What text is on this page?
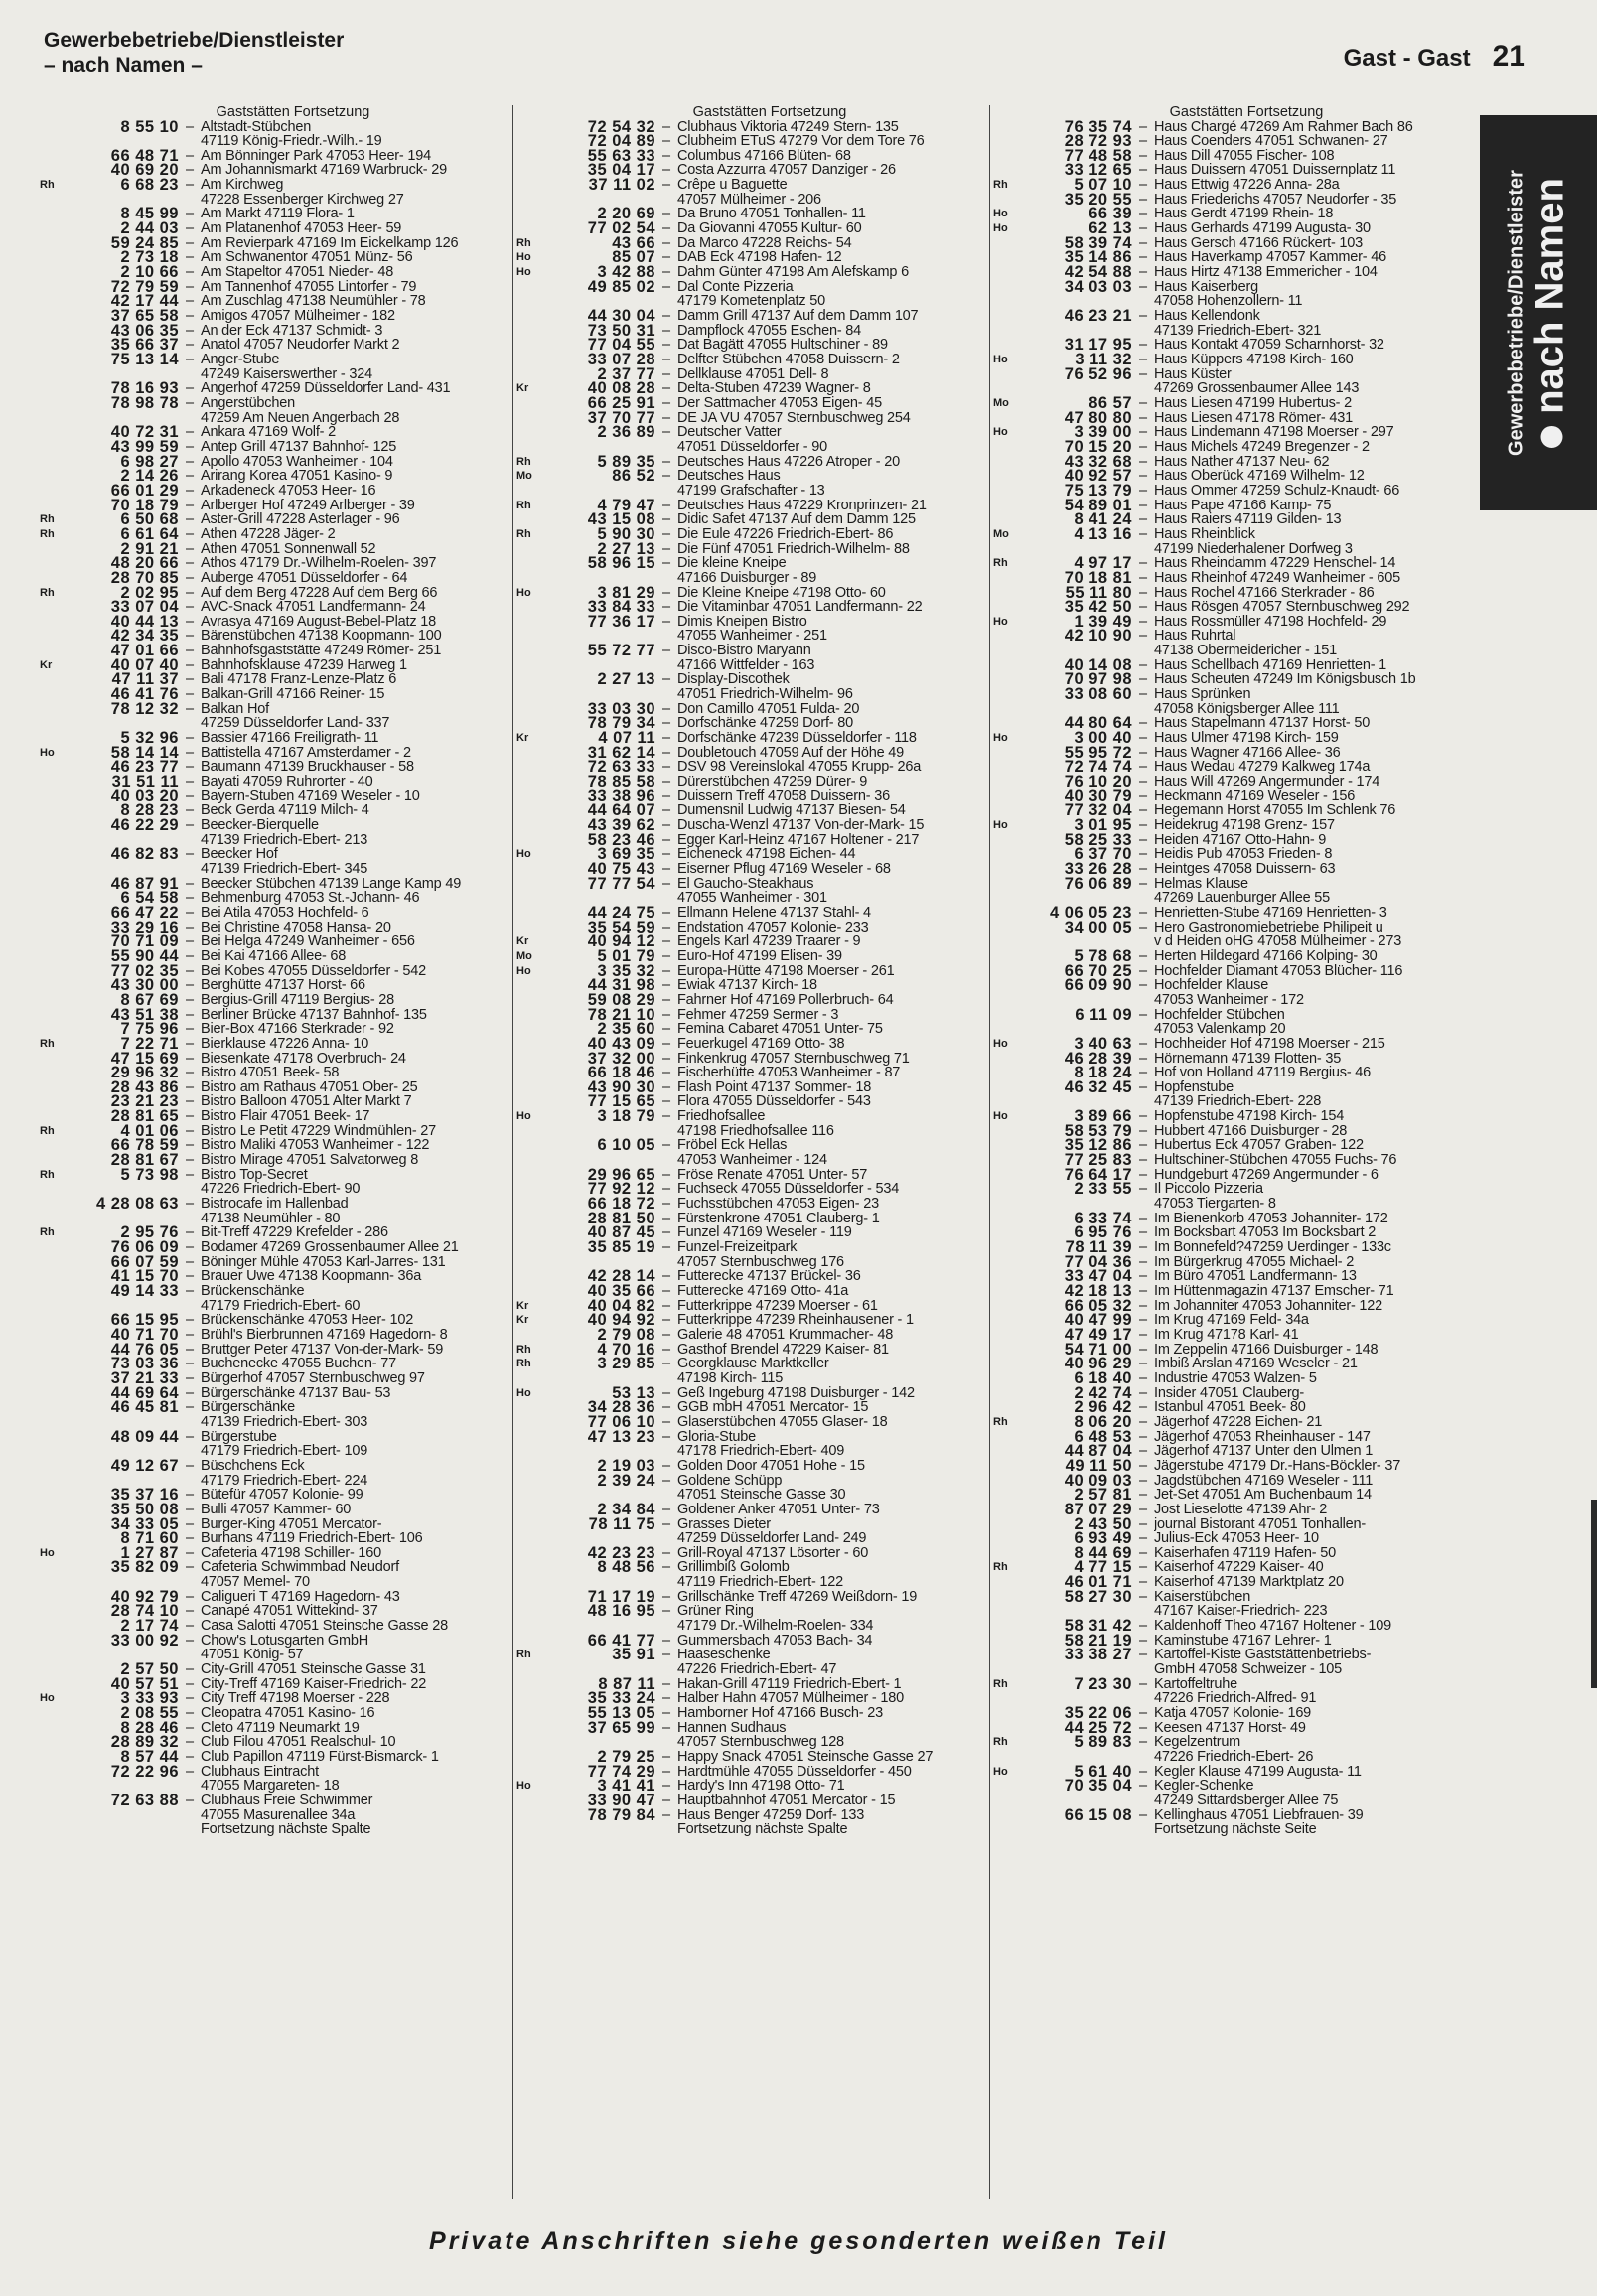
Gewerbebetriebe/Dienstleister
– nach Namen –	Gast - Gast 21
Gaststätten Fortsetzung
8 55 10 – Altstadt-Stübchen
47119 König-Friedr.-Wilh.- 19
66 48 71 – Am Bönninger Park 47053 Heer- 194
40 69 20 – Am Johannismarkt 47169 Warbruck- 29
Rh	6 68 23 – Am Kirchweg
47228 Essenberger Kirchweg 27
8 45 99 – Am Markt 47119 Flora- 1
2 44 03 – Am Platanenhof 47053 Heer- 59
59 24 85 – Am Revierpark 47169 Im Eickelkamp 126
2 73 18 – Am Schwanentor 47051 Münz- 56
2 10 66 – Am Stapeltor 47051 Nieder- 48
72 79 59 – Am Tannenhof 47055 Lintorfer - 79
42 17 44 – Am Zuschlag 47138 Neumühler - 78
37 65 58 – Amigos 47057 Mülheimer - 182
43 06 35 – An der Eck 47137 Schmidt- 3
35 66 37 – Anatol 47057 Neudorfer Markt 2
75 13 14 – Anger-Stube
47249 Kaiserswerther - 324
78 16 93 – Angerhof 47259 Düsseldorfer Land- 431
78 98 78 – Angerstübchen
47259 Am Neuen Angerbach 28
40 72 31 – Ankara 47169 Wolf- 2
43 99 59 – Antep Grill 47137 Bahnhof- 125
6 98 27 – Apollo 47053 Wanheimer - 104
2 14 26 – Arirang Korea 47051 Kasino- 9
66 01 29 – Arkadeneck 47053 Heer- 16
70 18 79 – Arlberger Hof 47249 Arlberger - 39
Rh	6 50 68 – Aster-Grill 47228 Asterlager - 96
Rh	6 61 64 – Athen 47228 Jäger- 2
2 91 21 – Athen 47051 Sonnenwall 52
48 20 66 – Athos 47179 Dr.-Wilhelm-Roelen- 397
28 70 85 – Auberge 47051 Düsseldorfer - 64
Rh	2 02 95 – Auf dem Berg 47228 Auf dem Berg 66
33 07 04 – AVC-Snack 47051 Landfermann- 24
40 44 13 – Avrasya 47169 August-Bebel-Platz 18
42 34 35 – Bärenstübchen 47138 Koopmann- 100
47 01 66 – Bahnhofsgaststätte 47249 Römer- 251
Kr	40 07 40 – Bahnhofsklause 47239 Harweg 1
47 11 37 – Bali 47178 Franz-Lenze-Platz 6
46 41 76 – Balkan-Grill 47166 Reiner- 15
78 12 32 – Balkan Hof
47259 Düsseldorfer Land- 337
5 32 96 – Bassier 47166 Freiligrath- 11
Ho	58 14 14 – Battistella 47167 Amsterdamer - 2
46 23 77 – Baumann 47139 Bruckhauser - 58
31 51 11 – Bayati 47059 Ruhrorter - 40
40 03 20 – Bayern-Stuben 47169 Weseler - 10
8 28 23 – Beck Gerda 47119 Milch- 4
46 22 29 – Beecker-Bierquelle
47139 Friedrich-Ebert- 213
46 82 83 – Beecker Hof
47139 Friedrich-Ebert- 345
46 87 91 – Beecker Stübchen 47139 Lange Kamp 49
6 54 58 – Behmenburg 47053 St.-Johann- 46
66 47 22 – Bei Atila 47053 Hochfeld- 6
33 29 16 – Bei Christine 47058 Hansa- 20
70 71 09 – Bei Helga 47249 Wanheimer - 656
55 90 44 – Bei Kai 47166 Allee- 68
77 02 35 – Bei Kobes 47055 Düsseldorfer - 542
43 30 00 – Berghütte 47137 Horst- 66
8 67 69 – Bergius-Grill 47119 Bergius- 28
43 51 38 – Berliner Brücke 47137 Bahnhof- 135
7 75 96 – Bier-Box 47166 Sterkrader - 92
Rh	7 22 71 – Bierklause 47226 Anna- 10
47 15 69 – Biesenkate 47178 Overbruch- 24
29 96 32 – Bistro 47051 Beek- 58
28 43 86 – Bistro am Rathaus 47051 Ober- 25
23 21 23 – Bistro Balloon 47051 Alter Markt 7
28 81 65 – Bistro Flair 47051 Beek- 17
Rh	4 01 06 – Bistro Le Petit 47229 Windmühlen- 27
66 78 59 – Bistro Maliki 47053 Wanheimer - 122
28 81 67 – Bistro Mirage 47051 Salvatorweg 8
Rh	5 73 98 – Bistro Top-Secret
47226 Friedrich-Ebert- 90
4 28 08 63 – Bistrocafe im Hallenbad
47138 Neumühler - 80
Rh	2 95 76 – Bit-Treff 47229 Krefelder - 286
76 06 09 – Bodamer 47269 Grossenbaumer Allee 21
66 07 59 – Böninger Mühle 47053 Karl-Jarres- 131
41 15 70 – Brauer Uwe 47138 Koopmann- 36a
49 14 33 – Brückenschänke
47179 Friedrich-Ebert- 60
66 15 95 – Brückenschänke 47053 Heer- 102
40 71 70 – Brühl's Bierbrunnen 47169 Hagedorn- 8
44 76 05 – Bruttger Peter 47137 Von-der-Mark- 59
73 03 36 – Buchenecke 47055 Buchen- 77
37 21 33 – Bürgerhof 47057 Sternbuschweg 97
44 69 64 – Bürgerschänke 47137 Bau- 53
46 45 81 – Bürgerschänke
47139 Friedrich-Ebert- 303
48 09 44 – Bürgerstube
47179 Friedrich-Ebert- 109
49 12 67 – Büschchens Eck
47179 Friedrich-Ebert- 224
35 37 16 – Bütefür 47057 Kolonie- 99
35 50 08 – Bulli 47057 Kammer- 60
34 33 05 – Burger-King 47051 Mercator-
8 71 60 – Burhans 47119 Friedrich-Ebert- 106
Ho	1 27 87 – Cafeteria 47198 Schiller- 160
35 82 09 – Cafeteria Schwimmbad Neudorf
47057 Memel- 70
40 92 79 – Caligueri T 47169 Hagedorn- 43
28 74 10 – Canapé 47051 Wittekind- 37
2 17 74 – Casa Salotti 47051 Steinsche Gasse 28
33 00 92 – Chow's Lotusgarten GmbH
47051 König- 57
2 57 50 – City-Grill 47051 Steinsche Gasse 31
40 57 51 – City-Treff 47169 Kaiser-Friedrich- 22
Ho	3 33 93 – City Treff 47198 Moerser - 228
2 08 55 – Cleopatra 47051 Kasino- 16
8 28 46 – Cleto 47119 Neumarkt 19
28 89 32 – Club Filou 47051 Realschul- 10
8 57 44 – Club Papillon 47119 Fürst-Bismarck- 1
72 22 96 – Clubhaus Eintracht
47055 Margareten- 18
72 63 88 – Clubhaus Freie Schwimmer
47055 Masurenallee 34a
Fortsetzung nächste Spalte
Gaststätten Fortsetzung
72 54 32 – Clubhaus Viktoria 47249 Stern- 135
72 04 89 – Clubheim ETuS 47279 Vor dem Tore 76
55 63 33 – Columbus 47166 Blüten- 68
35 04 17 – Costa Azzurra 47057 Danziger - 26
37 11 02 – Crêpe u Baguette
47057 Mülheimer - 206
2 20 69 – Da Bruno 47051 Tonhallen- 11
77 02 54 – Da Giovanni 47055 Kultur- 60
Rh	43 66 – Da Marco 47228 Reichs- 54
Ho	85 07 – DAB Eck 47198 Hafen- 12
Ho	3 42 88 – Dahm Günter 47198 Am Alefskamp 6
49 85 02 – Dal Conte Pizzeria
47179 Kometenplatz 50
44 30 04 – Damm Grill 47137 Auf dem Damm 107
73 50 31 – Dampflock 47055 Eschen- 84
77 04 55 – Dat Bagätt 47055 Hultschiner - 89
33 07 28 – Delfter Stübchen 47058 Duissern- 2
2 37 77 – Dellklause 47051 Dell- 8
Kr	40 08 28 – Delta-Stuben 47239 Wagner- 8
66 25 91 – Der Sattmacher 47053 Eigen- 45
37 70 77 – DE JA VU 47057 Sternbuschweg 254
2 36 89 – Deutscher Vatter
47051 Düsseldorfer - 90
Rh	5 89 35 – Deutsches Haus 47226 Atroper - 20
Mo	86 52 – Deutsches Haus
47199 Grafschafter - 13
Rh	4 79 47 – Deutsches Haus 47229 Kronprinzen- 21
43 15 08 – Didic Safet 47137 Auf dem Damm 125
Rh	5 90 30 – Die Eule 47226 Friedrich-Ebert- 86
2 27 13 – Die Fünf 47051 Friedrich-Wilhelm- 88
58 96 15 – Die kleine Kneipe
47166 Duisburger - 89
Ho	3 81 29 – Die Kleine Kneipe 47198 Otto- 60
33 84 33 – Die Vitaminbar 47051 Landfermann- 22
77 36 17 – Dimis Kneipen Bistro
47055 Wanheimer - 251
55 72 77 – Disco-Bistro Maryann
47166 Wittfelder - 163
2 27 13 – Display-Discothek
47051 Friedrich-Wilhelm- 96
33 03 30 – Don Camillo 47051 Fulda- 20
78 79 34 – Dorfschänke 47259 Dorf- 80
Kr	4 07 11 – Dorfschänke 47239 Düsseldorfer - 118
31 62 14 – Doubletouch 47059 Auf der Höhe 49
72 63 33 – DSV 98 Vereinslokal 47055 Krupp- 26a
78 85 58 – Dürerstübchen 47259 Dürer- 9
33 38 96 – Duissern Treff 47058 Duissern- 36
44 64 07 – Dumensnil Ludwig 47137 Biesen- 54
43 39 62 – Duscha-Wenzl 47137 Von-der-Mark- 15
58 23 46 – Egger Karl-Heinz 47167 Holtener - 217
Ho	3 69 35 – Eicheneck 47198 Eichen- 44
40 75 43 – Eiserner Pflug 47169 Weseler - 68
77 77 54 – El Gaucho-Steakhaus
47055 Wanheimer - 301
44 24 75 – Ellmann Helene 47137 Stahl- 4
35 54 59 – Endstation 47057 Kolonie- 233
Kr	40 94 12 – Engels Karl 47239 Traarer - 9
Mo	5 01 79 – Euro-Hof 47199 Elisen- 39
Ho	3 35 32 – Europa-Hütte 47198 Moerser - 261
44 31 98 – Ewiak 47137 Kirch- 18
59 08 29 – Fahrner Hof 47169 Pollerbruch- 64
78 21 10 – Fehmer 47259 Sermer - 3
2 35 60 – Femina Cabaret 47051 Unter- 75
40 43 09 – Feuerkugel 47169 Otto- 38
37 32 00 – Finkenkrug 47057 Sternbuschweg 71
66 18 46 – Fischerhütte 47053 Wanheimer - 87
43 90 30 – Flash Point 47137 Sommer- 18
77 15 65 – Flora 47055 Düsseldorfer - 543
Ho	3 18 79 – Friedhofsallee
47198 Friedhofsallee 116
6 10 05 – Fröbel Eck Hellas
47053 Wanheimer - 124
29 96 65 – Fröse Renate 47051 Unter- 57
77 92 12 – Fuchseck 47055 Düsseldorfer - 534
66 18 72 – Fuchsstübchen 47053 Eigen- 23
28 81 50 – Fürstenkrone 47051 Clauberg- 1
40 87 45 – Funzel 47169 Weseler - 119
35 85 19 – Funzel-Freizeitpark
47057 Sternbuschweg 176
42 28 14 – Futterecke 47137 Brückel- 36
40 35 66 – Futterecke 47169 Otto- 41a
Kr	40 04 82 – Futterkrippe 47239 Moerser - 61
Kr	40 94 92 – Futterkrippe 47239 Rheinhausener - 1
2 79 08 – Galerie 48 47051 Krummacher- 48
Rh	4 70 16 – Gasthof Brendel 47229 Kaiser- 81
Rh	3 29 85 – Georgklause Marktkeller
47198 Kirch- 115
Ho	53 13 – Geß Ingeburg 47198 Duisburger - 142
34 28 36 – GGB mbH 47051 Mercator- 15
77 06 10 – Glaserstübchen 47055 Glaser- 18
47 13 23 – Gloria-Stube
47178 Friedrich-Ebert- 409
2 19 03 – Golden Door 47051 Hohe - 15
2 39 24 – Goldene Schüpp
47051 Steinsche Gasse 30
2 34 84 – Goldener Anker 47051 Unter- 73
78 11 75 – Grasses Dieter
47259 Düsseldorfer Land- 249
42 23 23 – Grill-Royal 47137 Lösorter - 60
8 48 56 – Grillimbiß Golomb
47119 Friedrich-Ebert- 122
71 17 19 – Grillschänke Treff 47269 Weißdorn- 19
48 16 95 – Grüner Ring
47179 Dr.-Wilhelm-Roelen- 334
66 41 77 – Gummersbach 47053 Bach- 34
Rh	35 91 – Haaseschenke
47226 Friedrich-Ebert- 47
8 87 11 – Hakan-Grill 47119 Friedrich-Ebert- 1
35 33 24 – Halber Hahn 47057 Mülheimer - 180
55 13 05 – Hamborner Hof 47166 Busch- 23
37 65 99 – Hannen Sudhaus
47057 Sternbuschweg 128
2 79 25 – Happy Snack 47051 Steinsche Gasse 27
77 74 29 – Hardtmühle 47055 Düsseldorfer - 450
Ho	3 41 41 – Hardy's Inn 47198 Otto- 71
33 90 47 – Hauptbahnhof 47051 Mercator - 15
78 79 84 – Haus Benger 47259 Dorf- 133
Fortsetzung nächste Spalte
Gaststätten Fortsetzung
76 35 74 – Haus Chargé 47269 Am Rahmer Bach 86
28 72 93 – Haus Coenders 47051 Schwanen- 27
77 48 58 – Haus Dill 47055 Fischer- 108
33 12 65 – Haus Duissern 47051 Duissernplatz 11
Rh	5 07 10 – Haus Ettwig 47226 Anna- 28a
35 20 55 – Haus Friederichs 47057 Neudorfer - 35
Ho	66 39 – Haus Gerdt 47199 Rhein- 18
Ho	62 13 – Haus Gerhards 47199 Augusta- 30
58 39 74 – Haus Gersch 47166 Rückert- 103
35 14 86 – Haus Haverkamp 47057 Kammer- 46
42 54 88 – Haus Hirtz 47138 Emmericher - 104
34 03 03 – Haus Kaiserberg
47058 Hohenzollern- 11
46 23 21 – Haus Kellendonk
47139 Friedrich-Ebert- 321
31 17 95 – Haus Kontakt 47059 Scharnhorst- 32
Ho	3 11 32 – Haus Küppers 47198 Kirch- 160
76 52 96 – Haus Küster
47269 Grossenbaumer Allee 143
Mo	86 57 – Haus Liesen 47199 Hubertus- 2
47 80 80 – Haus Liesen 47178 Römer- 431
Ho	3 39 00 – Haus Lindemann 47198 Moerser - 297
70 15 20 – Haus Michels 47249 Bregenzer - 2
43 32 68 – Haus Nather 47137 Neu- 62
40 92 57 – Haus Oberück 47169 Wilhelm- 12
75 13 79 – Haus Ommer 47259 Schulz-Knaudt- 66
54 89 01 – Haus Pape 47166 Kamp- 75
8 41 24 – Haus Raiers 47119 Gilden- 13
Mo	4 13 16 – Haus Rheinblick
47199 Niederhalener Dorfweg 3
Rh	4 97 17 – Haus Rheindamm 47229 Henschel- 14
70 18 81 – Haus Rheinhof 47249 Wanheimer - 605
55 11 80 – Haus Rochel 47166 Sterkrader - 86
35 42 50 – Haus Rösgen 47057 Sternbuschweg 292
Ho	1 39 49 – Haus Rossmüller 47198 Hochfeld- 29
42 10 90 – Haus Ruhrtal
47138 Obermeidericher - 151
40 14 08 – Haus Schellbach 47169 Henrietten- 1
70 97 98 – Haus Scheuten 47249 Im Königsbusch 1b
33 08 60 – Haus Sprünken
47058 Königsberger Allee 111
44 80 64 – Haus Stapelmann 47137 Horst- 50
Ho	3 00 40 – Haus Ulmer 47198 Kirch- 159
55 95 72 – Haus Wagner 47166 Allee- 36
72 74 74 – Haus Wedau 47279 Kalkweg 174a
76 10 20 – Haus Will 47269 Angermunder - 174
40 30 79 – Heckmann 47169 Weseler - 156
77 32 04 – Hegemann Horst 47055 Im Schlenk 76
Ho	3 01 95 – Heidekrug 47198 Grenz- 157
58 25 33 – Heiden 47167 Otto-Hahn- 9
6 37 70 – Heidis Pub 47053 Frieden- 8
33 26 28 – Heintges 47058 Duissern- 63
76 06 89 – Helmas Klause
47269 Lauenburger Allee 55
4 06 05 23 – Henrietten-Stube 47169 Henrietten- 3
34 00 05 – Hero Gastronomiebetriebe Philipeit u
v d Heiden oHG 47058 Mülheimer - 273
5 78 68 – Herten Hildegard 47166 Kolping- 30
66 70 25 – Hochfelder Diamant 47053 Blücher- 116
66 09 90 – Hochfelder Klause
47053 Wanheimer - 172
6 11 09 – Hochfelder Stübchen
47053 Valenkamp 20
Ho	3 40 63 – Hochheider Hof 47198 Moerser - 215
46 28 39 – Hörnemann 47139 Flotten- 35
8 18 24 – Hof von Holland 47119 Bergius- 46
46 32 45 – Hopfenstube
47139 Friedrich-Ebert- 228
Ho	3 89 66 – Hopfenstube 47198 Kirch- 154
58 53 79 – Hubbert 47166 Duisburger - 28
35 12 86 – Hubertus Eck 47057 Graben- 122
77 25 83 – Hultschiner-Stübchen 47055 Fuchs- 76
76 64 17 – Hundgeburt 47269 Angermunder - 6
2 33 55 – Il Piccolo Pizzeria
47053 Tiergarten- 8
6 33 74 – Im Bienenkorb 47053 Johanniter- 172
6 95 76 – Im Bocksbart 47053 Im Bocksbart 2
78 11 39 – Im Bonnefeld?47259 Uerdinger - 133c
77 04 36 – Im Bürgerkrug 47055 Michael- 2
33 47 04 – Im Büro 47051 Landfermann- 13
42 18 13 – Im Hüttenmagazin 47137 Emscher- 71
66 05 32 – Im Johanniter 47053 Johanniter- 122
40 47 99 – Im Krug 47169 Feld- 34a
47 49 17 – Im Krug 47178 Karl- 41
54 71 00 – Im Zeppelin 47166 Duisburger - 148
40 96 29 – Imbiß Arslan 47169 Weseler - 21
6 18 40 – Industrie 47053 Walzen- 5
2 42 74 – Insider 47051 Clauberg-
2 96 42 – Istanbul 47051 Beek- 80
Rh	8 06 20 – Jägerhof 47228 Eichen- 21
6 48 53 – Jägerhof 47053 Rheinhauser - 147
44 87 04 – Jägerhof 47137 Unter den Ulmen 1
49 11 50 – Jägerstube 47179 Dr.-Hans-Böckler- 37
40 09 03 – Jagdstübchen 47169 Weseler - 111
2 57 81 – Jet-Set 47051 Am Buchenbaum 14
87 07 29 – Jost Lieselotte 47139 Ahr- 2
2 43 50 – journal Bistorant 47051 Tonhallen-
6 93 49 – Julius-Eck 47053 Heer- 10
8 44 69 – Kaiserhafen 47119 Hafen- 50
Rh	4 77 15 – Kaiserhof 47229 Kaiser- 40
46 01 71 – Kaiserhof 47139 Marktplatz 20
58 27 30 – Kaiserstübchen
47167 Kaiser-Friedrich- 223
58 31 42 – Kaldenhoff Theo 47167 Holtener - 109
58 21 19 – Kaminstube 47167 Lehrer- 1
33 38 27 – Kartoffel-Kiste Gaststättenbetriebs-
GmbH 47058 Schweizer - 105
Rh	7 23 30 – Kartoffeltruhe
47226 Friedrich-Alfred- 91
35 22 06 – Katja 47057 Kolonie- 169
44 25 72 – Keesen 47137 Horst- 49
Rh	5 89 83 – Kegelzentrum
47226 Friedrich-Ebert- 26
Ho	5 61 40 – Kegler Klause 47199 Augusta- 11
70 35 04 – Kegler-Schenke
47249 Sittardsberger Allee 75
66 15 08 – Kellinghaus 47051 Liebfrauen- 39
Fortsetzung nächste Seite
Gewerbebetriebe/Dienstleister nach Namen
Private Anschriften siehe gesonderten weißen Teil
